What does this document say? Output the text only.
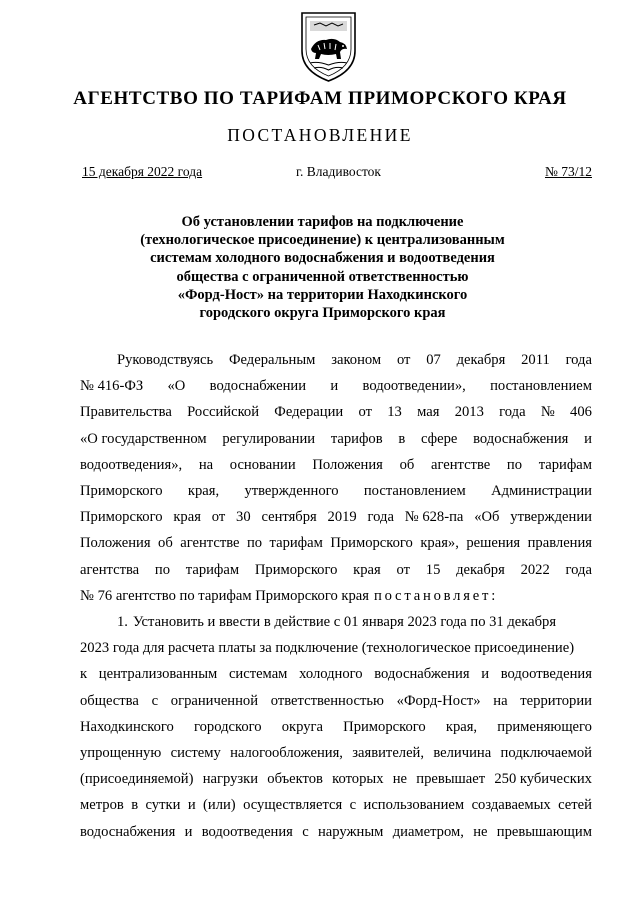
АГЕНТСТВО ПО ТАРИФАМ ПРИМОРСКОГО КРАЯ
ПОСТАНОВЛЕНИЕ
15 декабря 2022 года	г. Владивосток	№ 73/12
Об установлении тарифов на подключение
(технологическое присоединение) к централизованным
системам холодного водоснабжения и водоотведения
общества с ограниченной ответственностью
«Форд-Ност» на территории Находкинского
городского округа Приморского края
Руководствуясь Федеральным законом от 07 декабря 2011 года
№ 416-ФЗ «О водоснабжении и водоотведении», постановлением
Правительства Российской Федерации от 13 мая 2013 года № 406
«О государственном регулировании тарифов в сфере водоснабжения и
водоотведения», на основании Положения об агентстве по тарифам
Приморского края, утвержденного постановлением Администрации
Приморского края от 30 сентября 2019 года № 628-па «Об утверждении
Положения об агентстве по тарифам Приморского края», решения правления
агентства по тарифам Приморского края от 15 декабря 2022 года
№ 76 агентство по тарифам Приморского края постановляет:
1. Установить и ввести в действие с 01 января 2023 года по 31 декабря
2023 года для расчета платы за подключение (технологическое присоединение)
к централизованным системам холодного водоснабжения и водоотведения
общества с ограниченной ответственностью «Форд-Ност» на территории
Находкинского городского округа Приморского края, применяющего
упрощенную систему налогообложения, заявителей, величина подключаемой
(присоединяемой) нагрузки объектов которых не превышает 250 кубических
метров в сутки и (или) осуществляется с использованием создаваемых сетей
водоснабжения и водоотведения с наружным диаметром, не превышающим
